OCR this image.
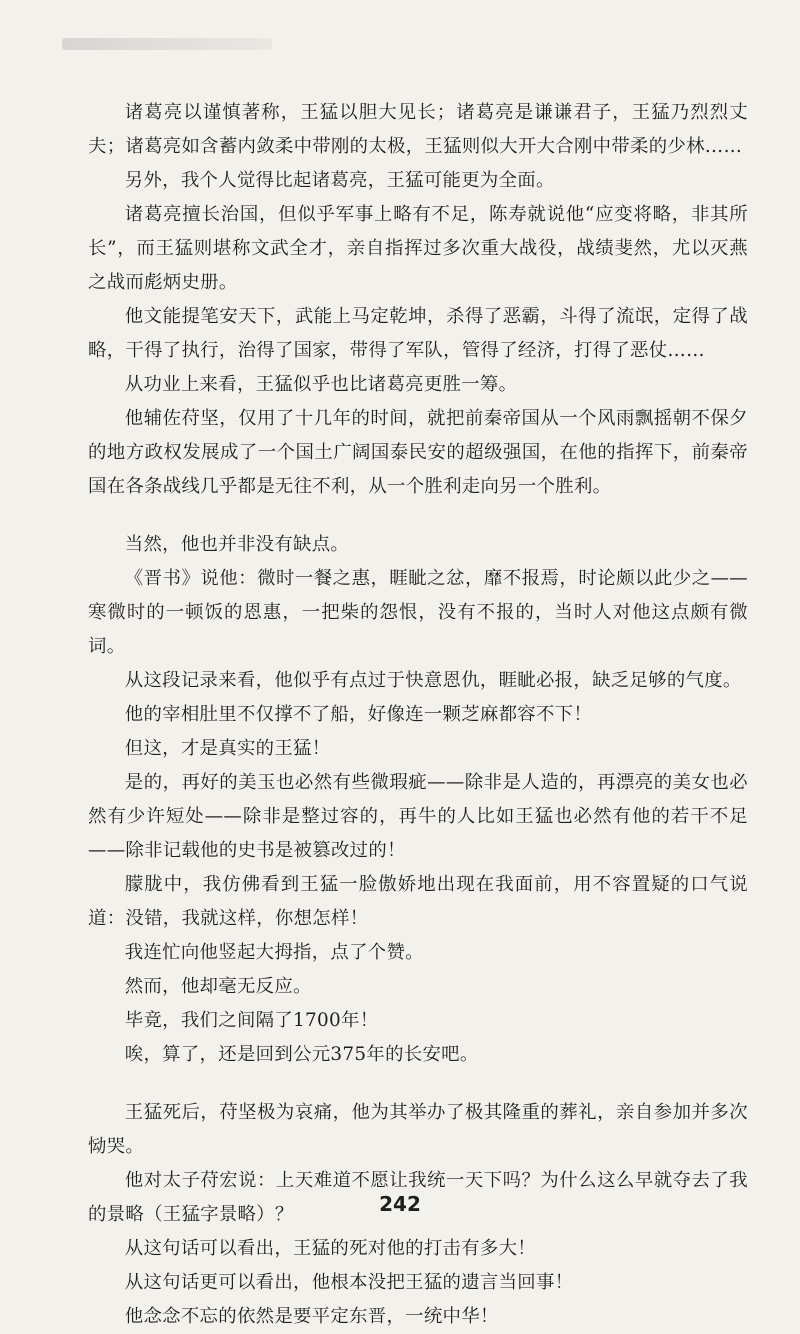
诸葛亮以谨慎著称，王猛以胆大见长；诸葛亮是谦谦君子，王猛乃烈烈丈夫；诸葛亮如含蓄内敛柔中带刚的太极，王猛则似大开大合刚中带柔的少林……

另外，我个人觉得比起诸葛亮，王猛可能更为全面。

诸葛亮擅长治国，但似乎军事上略有不足，陈寿就说他“应变将略，非其所长”，而王猛则堪称文武全才，亲自指挥过多次重大战役，战绩斐然，尤以灭燕之战而彪炳史册。

他文能提笔安天下，武能上马定乾坤，杀得了恶霸，斗得了流氓，定得了战略，干得了执行，治得了国家，带得了军队，管得了经济，打得了恶仗……

从功业上来看，王猛似乎也比诸葛亮更胜一筹。

他辅佐苻坚，仅用了十几年的时间，就把前秦帝国从一个风雨飘摇朝不保夕的地方政权发展成了一个国土广阔国泰民安的超级强国，在他的指挥下，前秦帝国在各条战线几乎都是无往不利，从一个胜利走向另一个胜利。

当然，他也并非没有缺点。

《晋书》说他：微时一餐之惠，睚眦之忿，靡不报焉，时论颇以此少之——寒微时的一顿饭的恩惠，一把柴的怨恨，没有不报的，当时人对他这点颇有微词。

从这段记录来看，他似乎有点过于快意恩仇，睚眦必报，缺乏足够的气度。

他的宰相肚里不仅撑不了船，好像连一颗芝麻都容不下！

但这，才是真实的王猛！

是的，再好的美玉也必然有些微瑕疵——除非是人造的，再漂亮的美女也必然有少许短处——除非是整过容的，再牛的人比如王猛也必然有他的若干不足——除非记载他的史书是被篡改过的！

朦胧中，我仿佛看到王猛一脸傲娇地出现在我面前，用不容置疑的口气说道：没错，我就这样，你想怎样！

我连忙向他竖起大拇指，点了个赞。

然而，他却毫无反应。

毕竟，我们之间隔了1700年！

唉，算了，还是回到公元375年的长安吧。

王猛死后，苻坚极为哀痛，他为其举办了极其隆重的葬礼，亲自参加并多次恸哭。

他对太子苻宏说：上天难道不愿让我统一天下吗？为什么这么早就夺去了我的景略（王猛字景略）？

从这句话可以看出，王猛的死对他的打击有多大！

从这句话更可以看出，他根本没把王猛的遗言当回事！

他念念不忘的依然是要平定东晋，一统中华！

242
